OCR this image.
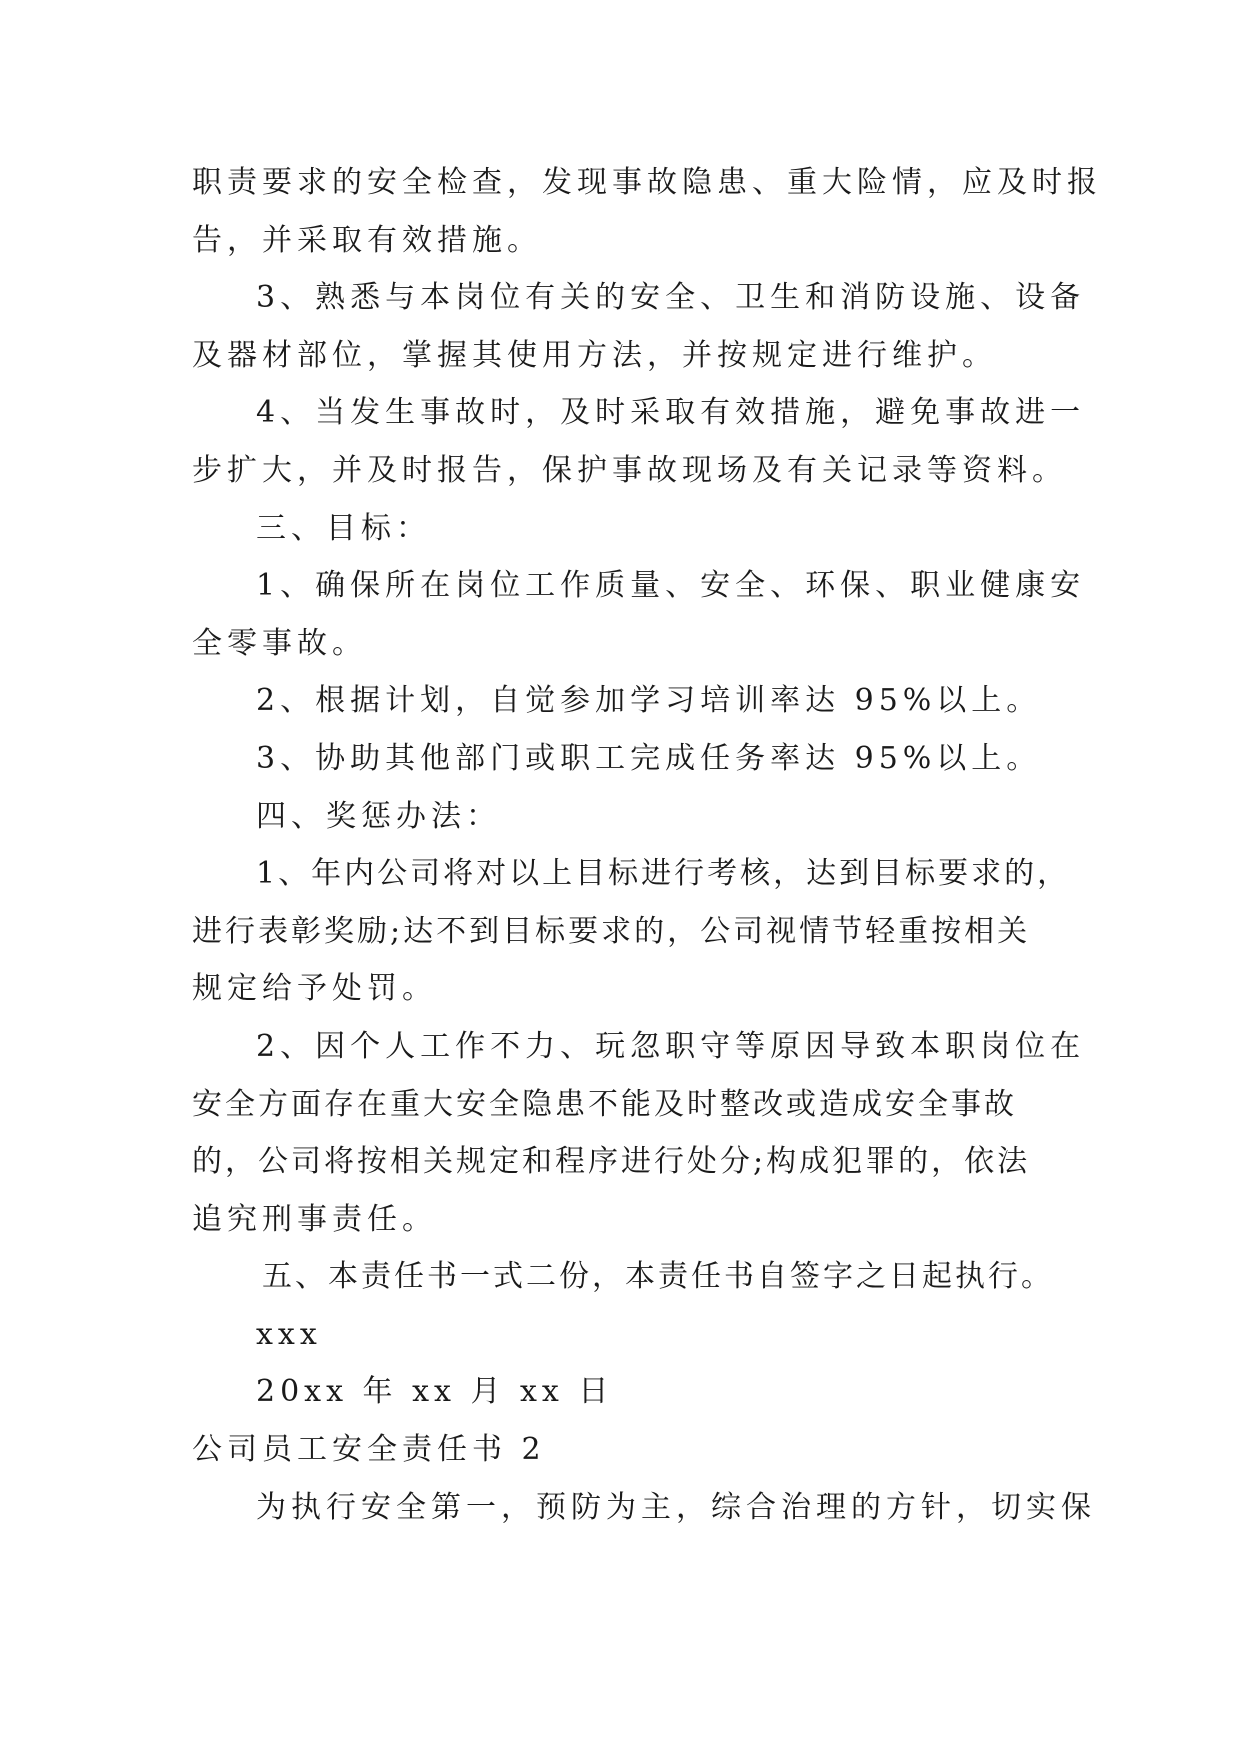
职责要求的安全检查，发现事故隐患、重大险情，应及时报
告，并采取有效措施。
3、熟悉与本岗位有关的安全、卫生和消防设施、设备
及器材部位，掌握其使用方法，并按规定进行维护。
4、当发生事故时，及时采取有效措施，避免事故进一
步扩大，并及时报告，保护事故现场及有关记录等资料。
三、目标：
1、确保所在岗位工作质量、安全、环保、职业健康安
全零事故。
2、根据计划，自觉参加学习培训率达 95%以上。
3、协助其他部门或职工完成任务率达 95%以上。
四、奖惩办法：
1、年内公司将对以上目标进行考核，达到目标要求的，
进行表彰奖励;达不到目标要求的，公司视情节轻重按相关
规定给予处罚。
2、因个人工作不力、玩忽职守等原因导致本职岗位在
安全方面存在重大安全隐患不能及时整改或造成安全事故
的，公司将按相关规定和程序进行处分;构成犯罪的，依法
追究刑事责任。
五、本责任书一式二份，本责任书自签字之日起执行。
xxx
20xx 年 xx 月 xx 日
公司员工安全责任书 2
为执行安全第一，预防为主，综合治理的方针，切实保
